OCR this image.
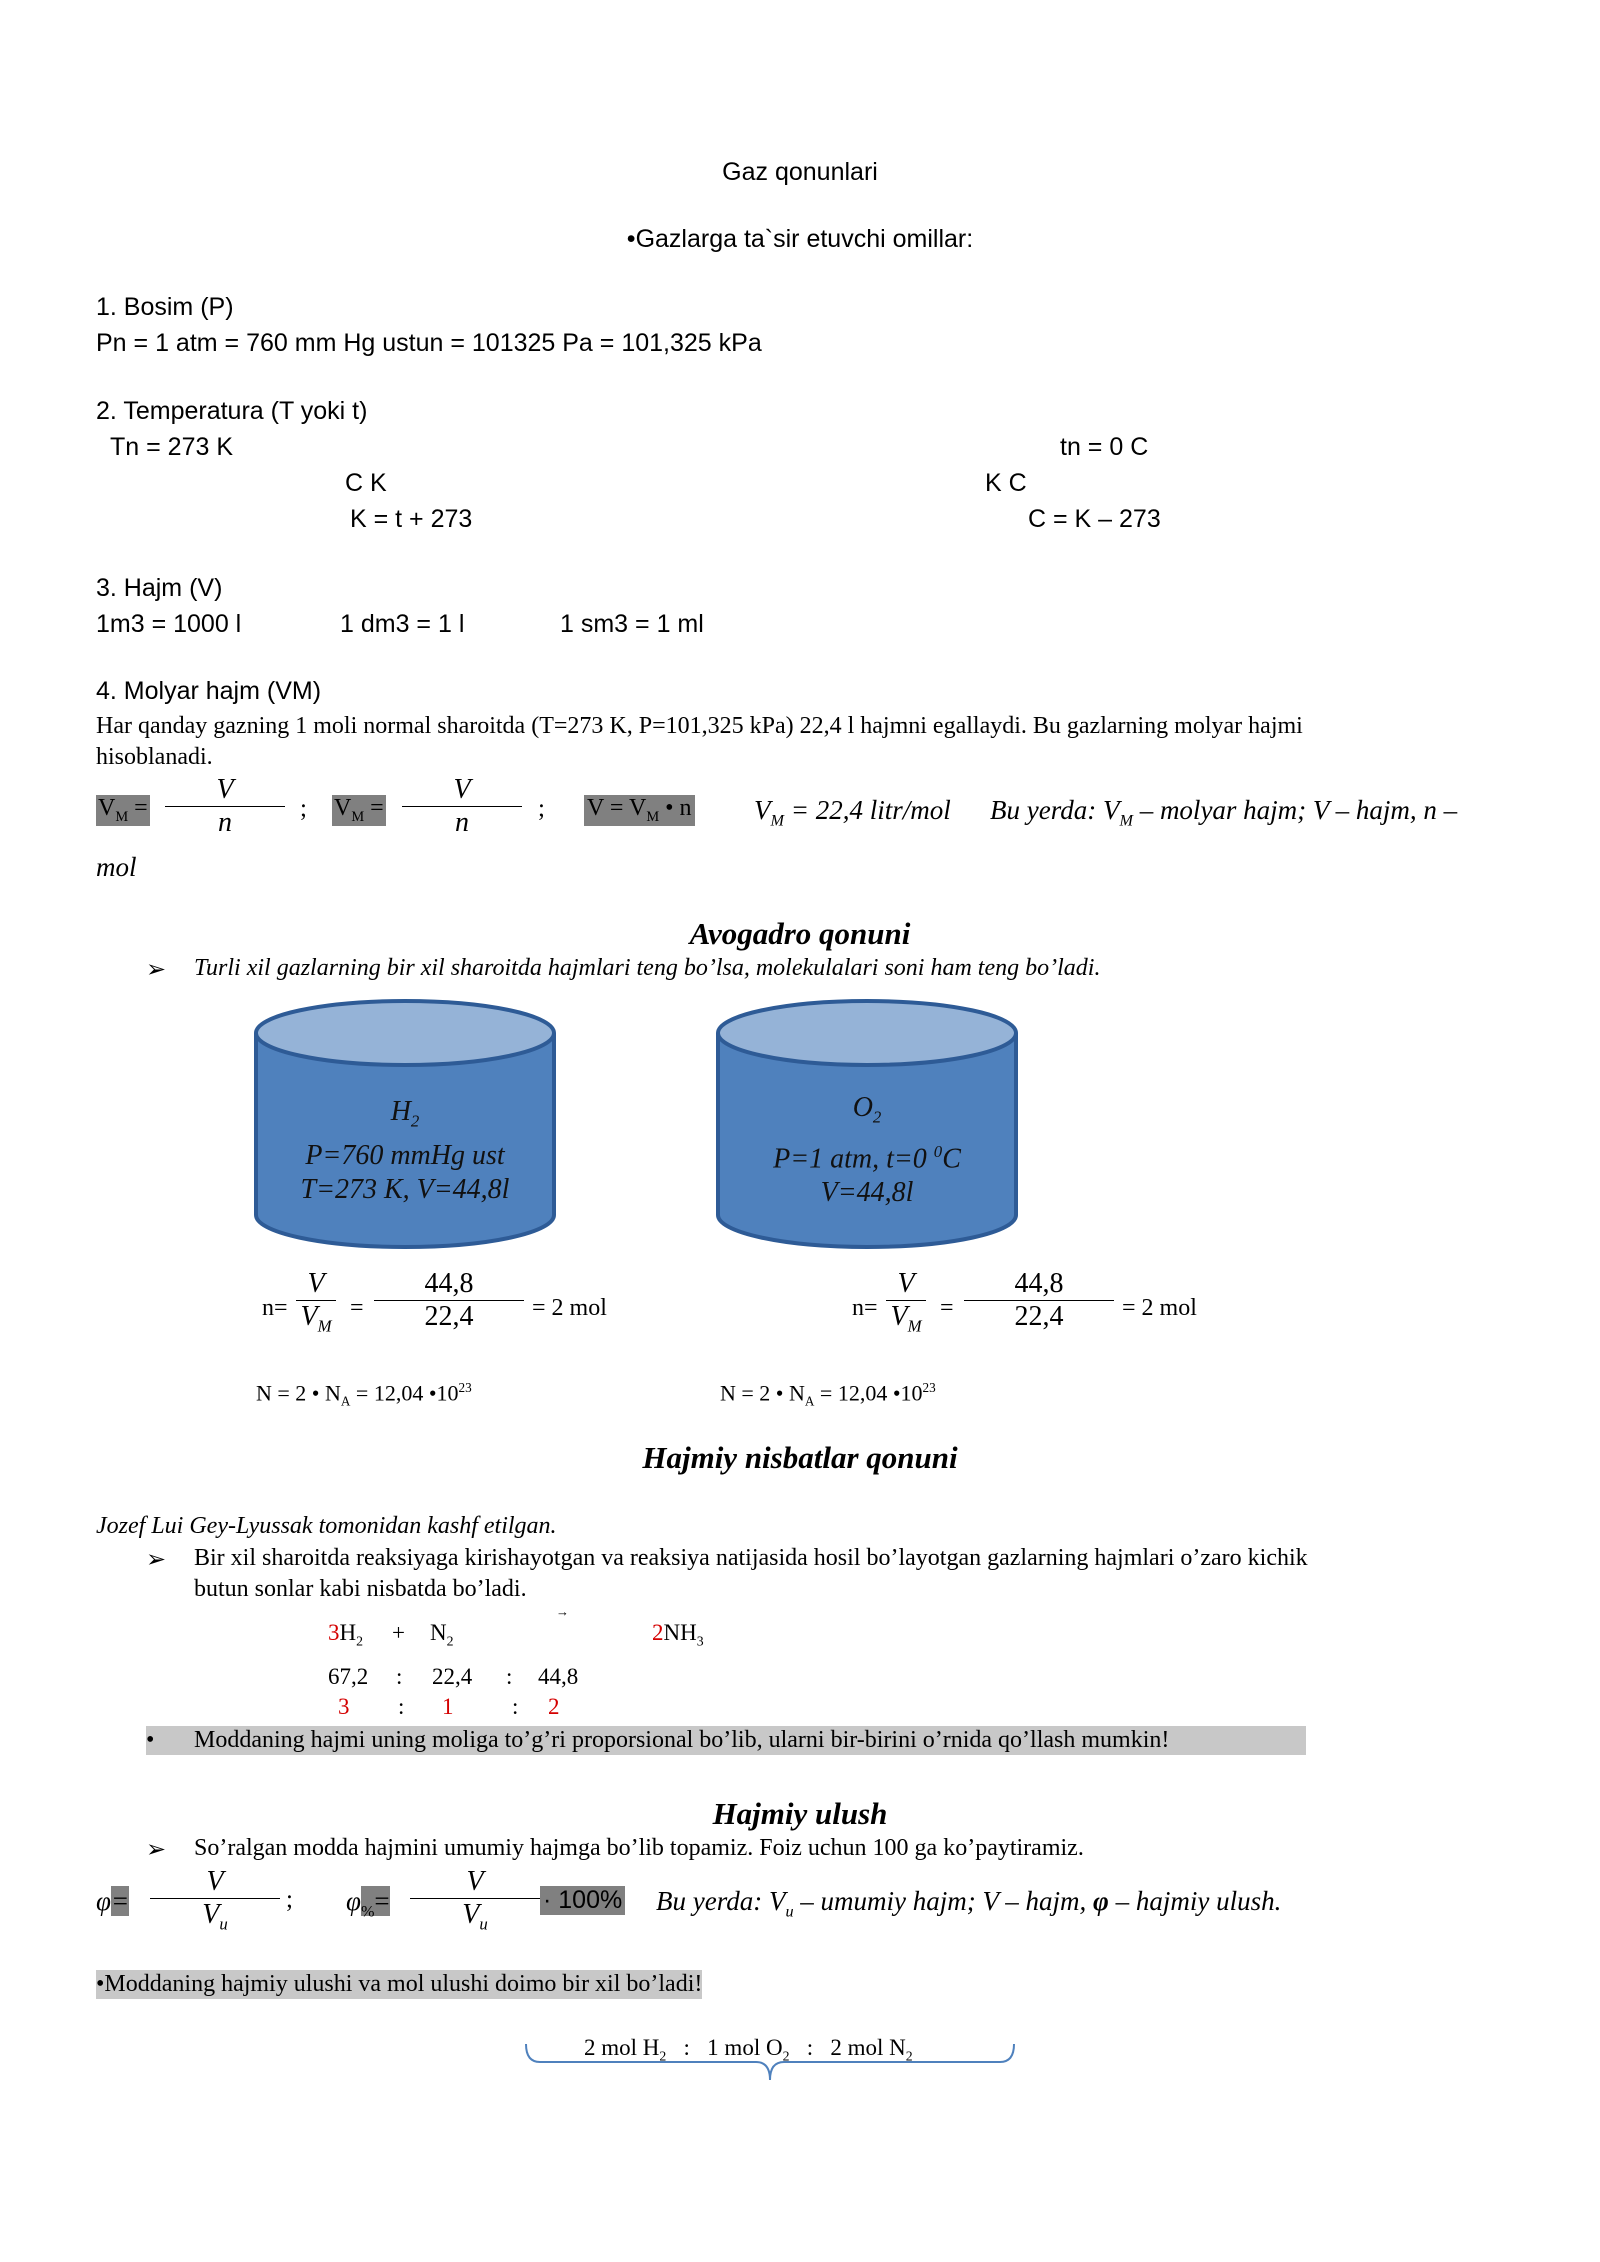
Gaz qonunlari
•Gazlarga ta`sir etuvchi omillar:
1. Bosim (P)
Pn = 1 atm = 760 mm Hg ustun = 101325 Pa = 101,325 kPa
2. Temperatura (T yoki t)
Tn = 273 K	tn = 0 C
C K	K C
K = t + 273	C = K – 273
3. Hajm (V)
1m3 = 1000 l	1 dm3 = 1 l	1 sm3 = 1 ml
4. Molyar hajm (VM)
Har qanday gazning 1 moli normal sharoitda (T=273 K, P=101,325 kPa) 22,4 l hajmni egallaydi. Bu gazlarning molyar hajmi
hisoblanadi.
$V_M = \frac{V}{n}$ ; $V_M = \frac{V}{n}$ ; $V = V_M$ • n $V_M = 22,4$ litr/mol Bu yerda: $V_M$ – molyar hajm; V – hajm, n –
mol
Avogadro qonuni
➢ Turli xil gazlarning bir xil sharoitda hajmlari teng bo’lsa, molekulalari soni ham teng bo’ladi.
$H_2$
P=760 mmHg ust
T=273 K, V=44,8l
$O_2$
P=1 atm, t=0 $^0$C
V=44,8l
$n= \frac{V}{V_M} = \frac{44,8}{22,4} = 2$ mol	$n= \frac{V}{V_M} = \frac{44,8}{22,4} = 2$ mol
N = 2 • $N_A = 12,04$ $•10^{23}$	N = 2 • $N_A = 12,04$ $•10^{23}$
Hajmiy nisbatlar qonuni
Jozef Lui Gey-Lyussak tomonidan kashf etilgan.
➢ Bir xil sharoitda reaksiyaga kirishayotgan va reaksiya natijasida hosil bo’layotgan gazlarning hajmlari o’zaro kichik
butun sonlar kabi nisbatda bo’ladi.
$3H_2 + N_2$
→
$2NH_3$
67,2 : 22,4 : 44,8
3 : 1	: 2
• Moddaning hajmi uning moliga to’g’ri proporsional bo’lib, ularni bir-birini o’rnida qo’llash mumkin!
Hajmiy ulush
➢ So’ralgan modda hajmini umumiy hajmga bo’lib topamiz. Foiz uchun 100 ga ko’paytiramiz.
$\varphi= \frac{V}{V_u}$ ; $\varphi_{\%}= \frac{V}{V_u} \cdot 100\%$ Bu yerda: $V_u$ – umumiy hajm; V – hajm, φ – hajmiy ulush.
•Moddaning hajmiy ulushi va mol ulushi doimo bir xil bo’ladi!
2 mol $H_2$   :   1 mol $O_2$   :   2 mol $N_2$
